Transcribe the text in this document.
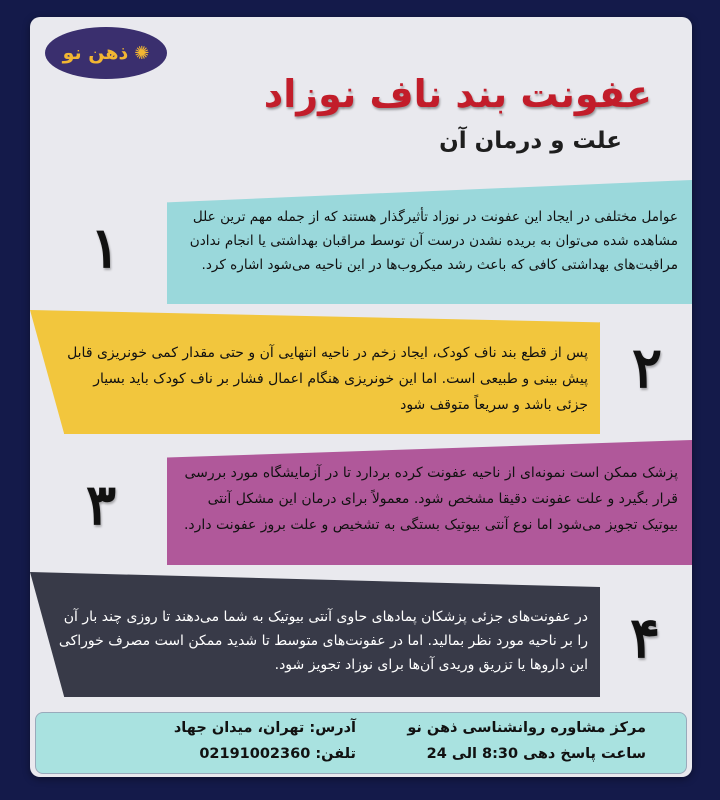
ذهن نو ✺
عفونت بند ناف نوزاد
علت و درمان آن
عوامل مختلفی در ایجاد این عفونت در نوزاد تأثیرگذار هستند که از جمله مهم ترین علل مشاهده شده می‌توان به بریده نشدن درست آن توسط مراقبان بهداشتی یا انجام ندادن مراقبت‌های بهداشتی کافی که باعث رشد میکروب‌ها در این ناحیه می‌شود اشاره کرد.
۱
پس از قطع بند ناف کودک، ایجاد زخم در ناحیه انتهایی آن و حتی مقدار کمی خونریزی قابل پیش بینی و طبیعی است. اما این خونریزی هنگام اعمال فشار بر ناف کودک باید بسیار جزئی باشد و سریعاً متوقف شود
۲
پزشک ممکن است نمونه‌ای از ناحیه عفونت کرده بردارد تا در آزمایشگاه مورد بررسی قرار بگیرد و علت عفونت دقیقا مشخص شود. معمولاً برای درمان این مشکل آنتی بیوتیک تجویز می‌شود اما نوع آنتی بیوتیک بستگی به تشخیص و علت بروز عفونت دارد.
۳
در عفونت‌های جزئی پزشکان پمادهای حاوی آنتی بیوتیک به شما می‌دهند تا روزی چند بار آن را بر ناحیه مورد نظر بمالید. اما در عفونت‌های متوسط تا شدید ممکن است مصرف خوراکی این داروها یا تزریق وریدی آن‌ها برای نوزاد تجویز شود. ۴
مرکز مشاوره روانشناسی ذهن نو
ساعت پاسخ دهی 8:30 الی 24
آدرس: تهران، میدان جهاد
تلفن: 02191002360
